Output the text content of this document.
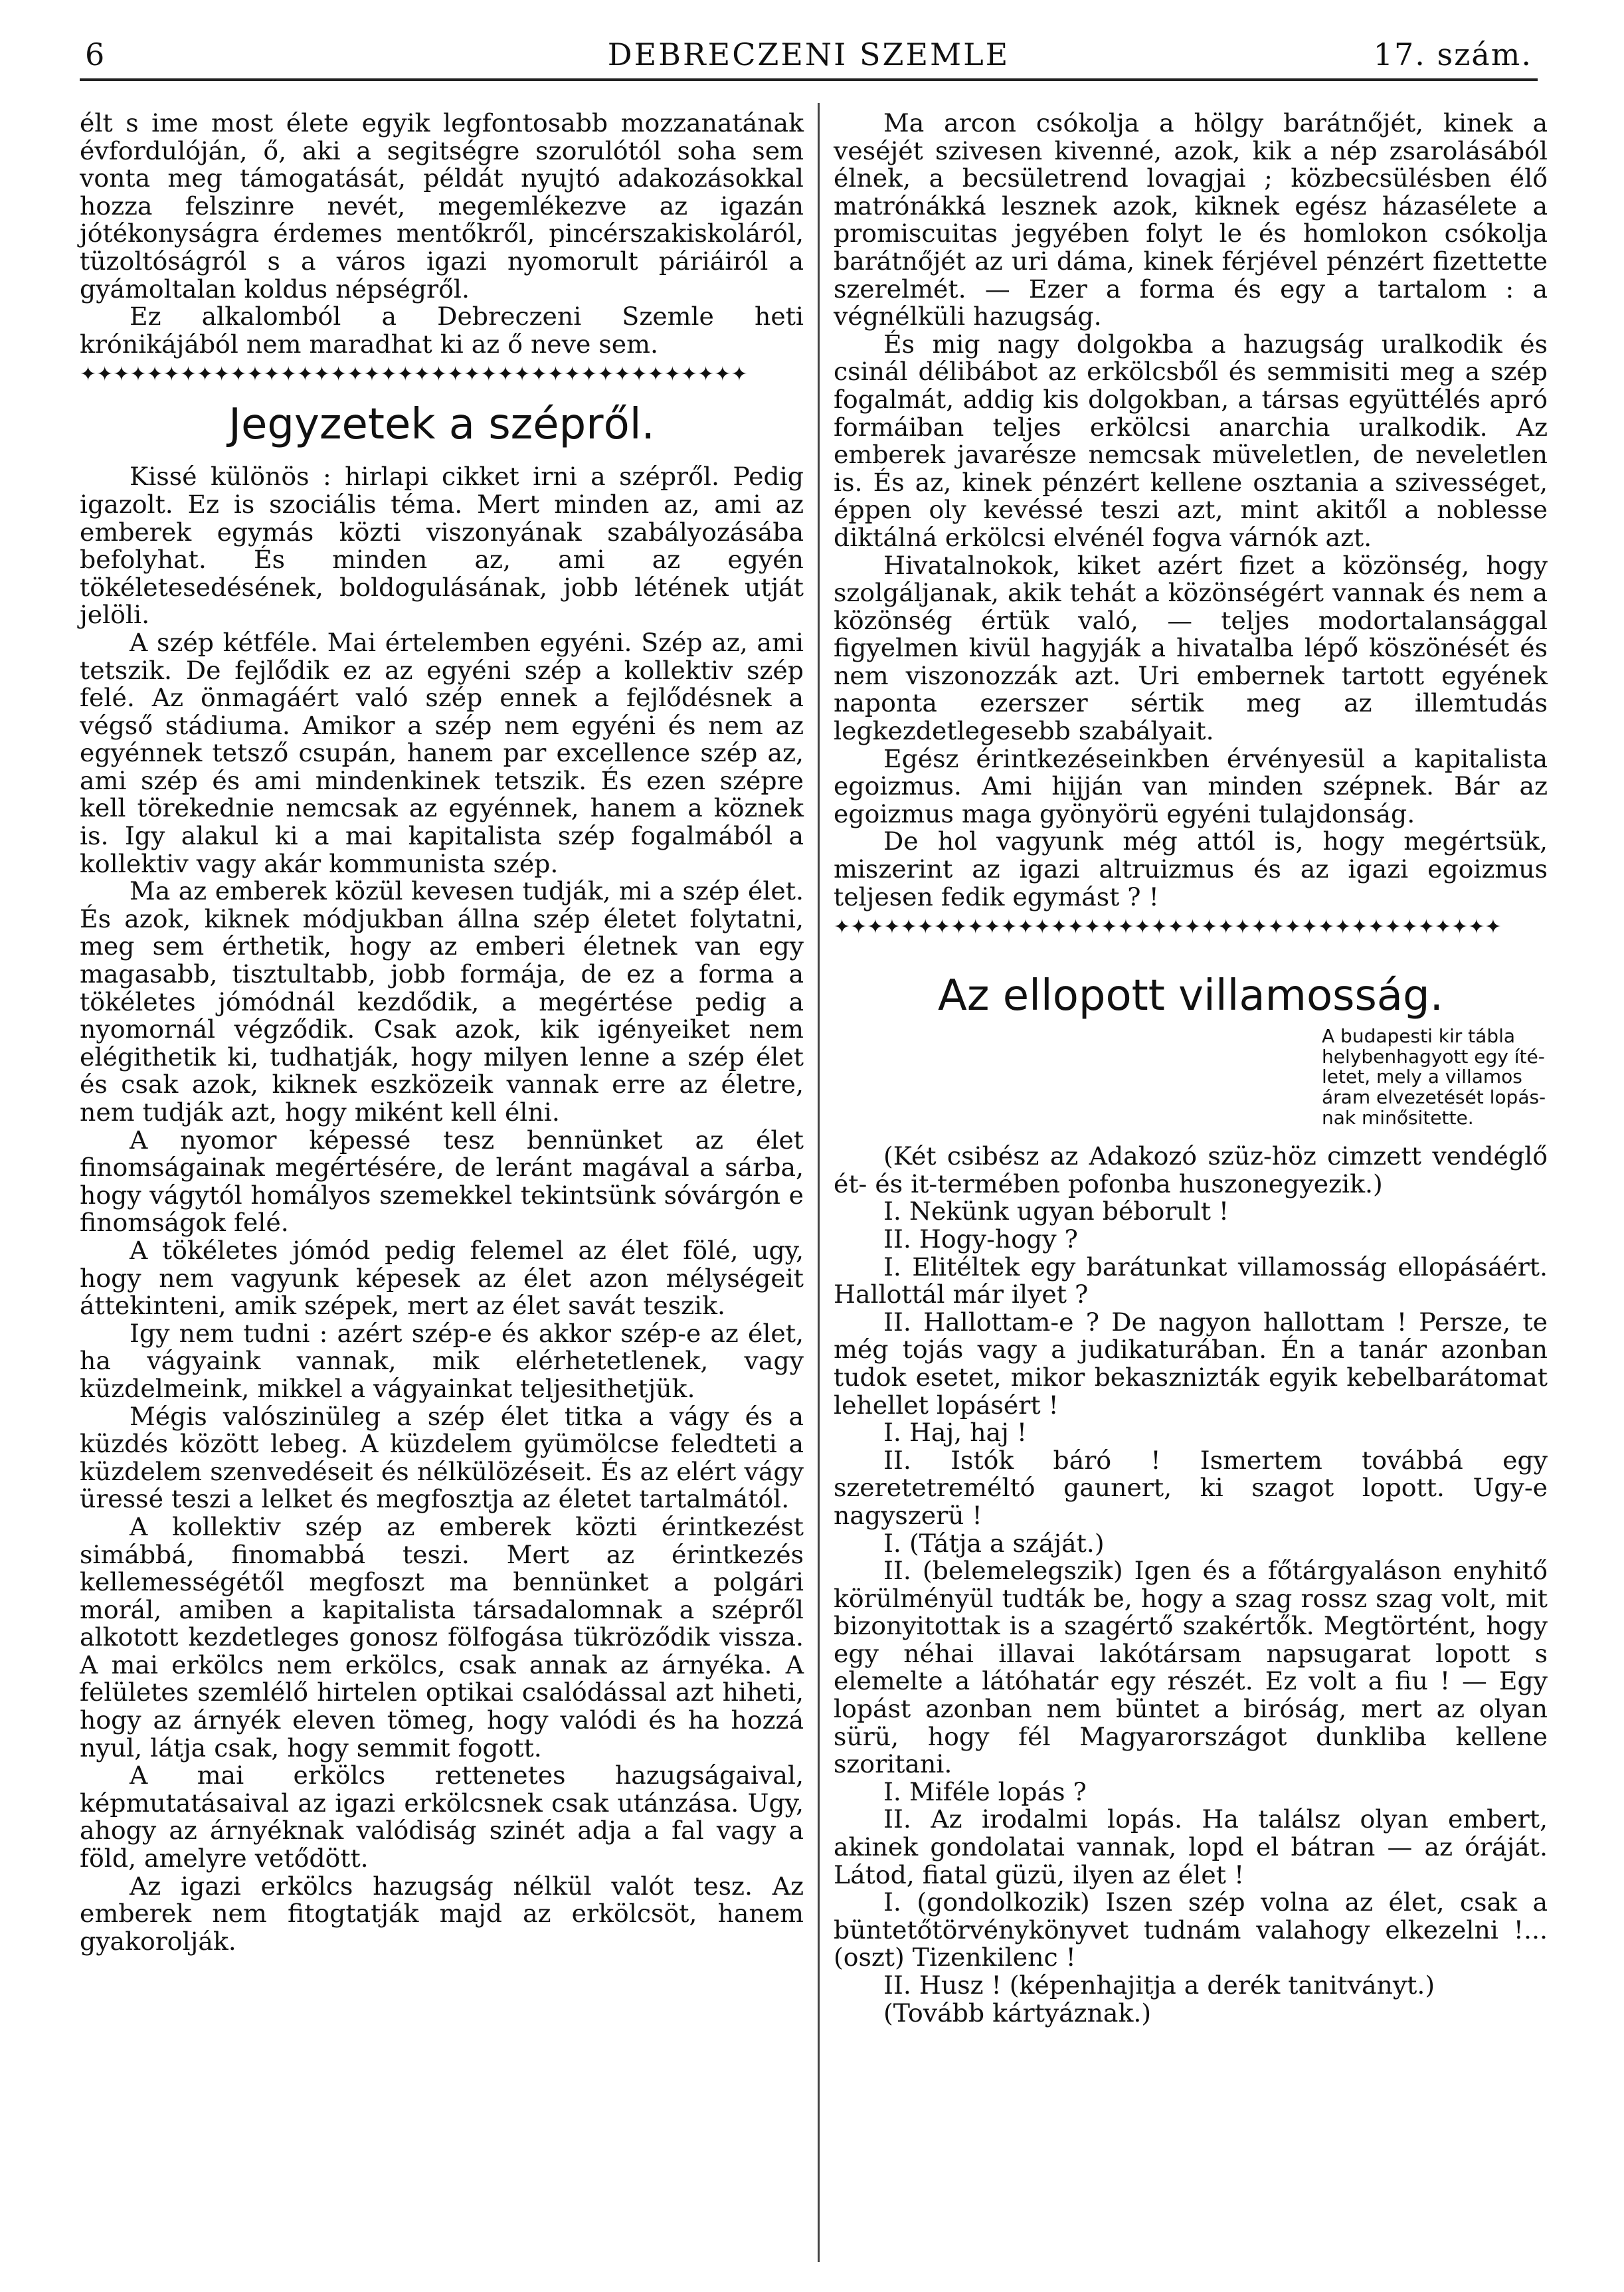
DEBRECZENI SZEMLE
6	17. szám.

élt s ime most élete egyik legfontosabb mozzanatának évfordulóján, ő, aki a segitségre szorulótól soha sem vonta meg támogatását, példát nyujtó adakozásokkal hozza felszinre nevét, megemlékezve az igazán jótékonyságra érdemes mentőkről, pincérszakiskoláról, tüzoltóságról s a város igazi nyomorult páriáiról a gyámoltalan koldus népségről.

Ez alkalomból a Debreczeni Szemle heti krónikájából nem maradhat ki az ő neve sem.

✦✦✦✦✦✦✦✦✦✦✦✦✦✦✦✦✦✦✦✦✦✦✦✦✦✦✦✦✦✦✦✦✦✦✦✦✦✦✦✦
Jegyzetek a szépről.

Kissé különös : hirlapi cikket irni a szépről. Pedig igazolt. Ez is szociális téma. Mert minden az, ami az emberek egymás közti viszonyának szabályozásába befolyhat. És minden az, ami az egyén tökéletesedésének, boldogulásának, jobb létének utját jelöli.

A szép kétféle. Mai értelemben egyéni. Szép az, ami tetszik. De fejlődik ez az egyéni szép a kollektiv szép felé. Az önmagáért való szép ennek a fejlődésnek a végső stádiuma. Amikor a szép nem egyéni és nem az egyénnek tetsző csupán, hanem par excellence szép az, ami szép és ami mindenkinek tetszik. És ezen szépre kell törekednie nemcsak az egyénnek, hanem a köznek is. Igy alakul ki a mai kapitalista szép fogalmából a kollektiv vagy akár kommunista szép.

Ma az emberek közül kevesen tudják, mi a szép élet. És azok, kiknek módjukban állna szép életet folytatni, meg sem érthetik, hogy az emberi életnek van egy magasabb, tisztultabb, jobb formája, de ez a forma a tökéletes jómódnál kezdődik, a megértése pedig a nyomornál végződik. Csak azok, kik igényeiket nem elégithetik ki, tudhatják, hogy milyen lenne a szép élet és csak azok, kiknek eszközeik vannak erre az életre, nem tudják azt, hogy miként kell élni.

A nyomor képessé tesz bennünket az élet finomságainak megértésére, de leránt magával a sárba, hogy vágytól homályos szemekkel tekintsünk sóvárgón e finomságok felé.

A tökéletes jómód pedig felemel az élet fölé, ugy, hogy nem vagyunk képesek az élet azon mélységeit áttekinteni, amik szépek, mert az élet savát teszik.

Igy nem tudni : azért szép-e és akkor szép-e az élet, ha vágyaink vannak, mik elérhetetlenek, vagy küzdelmeink, mikkel a vágyainkat teljesithetjük.

Mégis valószinüleg a szép élet titka a vágy és a küzdés között lebeg. A küzdelem gyümölcse feledteti a küzdelem szenvedéseit és nélkülözéseit. És az elért vágy üressé teszi a lelket és megfosztja az életet tartalmától.

A kollektiv szép az emberek közti érintkezést simábbá, finomabbá teszi. Mert az érintkezés kellemességétől megfoszt ma bennünket a polgári morál, amiben a kapitalista társadalomnak a szépről alkotott kezdetleges gonosz fölfogása tükröződik vissza. A mai erkölcs nem erkölcs, csak annak az árnyéka. A felületes szemlélő hirtelen optikai csalódással azt hiheti, hogy az árnyék eleven tömeg, hogy valódi és ha hozzá nyul, látja csak, hogy semmit fogott.

A mai erkölcs rettenetes hazugságaival, képmutatásaival az igazi erkölcsnek csak utánzása. Ugy, ahogy az árnyéknak valódiság szinét adja a fal vagy a föld, amelyre vetődött.

Az igazi erkölcs hazugság nélkül valót tesz. Az emberek nem fitogtatják majd az erkölcsöt, hanem gyakorolják.

Ma arcon csókolja a hölgy barátnőjét, kinek a veséjét szivesen kivenné, azok, kik a nép zsarolásából élnek, a becsületrend lovagjai ; közbecsülésben élő matrónákká lesznek azok, kiknek egész házasélete a promiscuitas jegyében folyt le és homlokon csókolja barátnőjét az uri dáma, kinek férjével pénzért fizettette szerelmét. — Ezer a forma és egy a tartalom : a végnélküli hazugság.

És mig nagy dolgokba a hazugság uralkodik és csinál délibábot az erkölcsből és semmisiti meg a szép fogalmát, addig kis dolgokban, a társas együttélés apró formáiban teljes erkölcsi anarchia uralkodik. Az emberek javarésze nemcsak müveletlen, de neveletlen is. És az, kinek pénzért kellene osztania a szivességet, éppen oly kevéssé teszi azt, mint akitől a noblesse diktálná erkölcsi elvénél fogva várnók azt.

Hivatalnokok, kiket azért fizet a közönség, hogy szolgáljanak, akik tehát a közönségért vannak és nem a közönség értük való, — teljes modortalansággal figyelmen kivül hagyják a hivatalba lépő köszönését és nem viszonozzák azt. Uri embernek tartott egyének naponta ezerszer sértik meg az illemtudás legkezdetlegesebb szabályait.

Egész érintkezéseinkben érvényesül a kapitalista egoizmus. Ami hijján van minden szépnek. Bár az egoizmus maga gyönyörü egyéni tulajdonság.

De hol vagyunk még attól is, hogy megértsük, miszerint az igazi altruizmus és az igazi egoizmus teljesen fedik egymást ? !

✦✦✦✦✦✦✦✦✦✦✦✦✦✦✦✦✦✦✦✦✦✦✦✦✦✦✦✦✦✦✦✦✦✦✦✦✦✦✦✦
Az ellopott villamosság.
A budapesti kir tábla
helybenhagyott egy íté-
letet, mely a villamos
áram elvezetését lopás-
nak minősitette.

(Két csibész az Adakozó szüz-höz cimzett vendéglő ét- és it-termében pofonba huszonegyezik.)

I. Nekünk ugyan béborult !

II. Hogy-hogy ?

I. Elitéltek egy barátunkat villamosság ellopásáért. Hallottál már ilyet ?

II. Hallottam-e ? De nagyon hallottam ! Persze, te még tojás vagy a judikaturában. Én a tanár azonban tudok esetet, mikor bekasznizták egyik kebelbarátomat lehellet lopásért !

I. Haj, haj !

II. Istók báró ! Ismertem továbbá egy szeretetreméltó gaunert, ki szagot lopott. Ugy-e nagyszerü !

I. (Tátja a száját.)

II. (belemelegszik) Igen és a főtárgyaláson enyhitő körülményül tudták be, hogy a szag rossz szag volt, mit bizonyitottak is a szagértő szakértők. Megtörtént, hogy egy néhai illavai lakótársam napsugarat lopott s elemelte a látóhatár egy részét. Ez volt a fiu ! — Egy lopást azonban nem büntet a biróság, mert az olyan sürü, hogy fél Magyarországot dunkliba kellene szoritani.

I. Miféle lopás ?

II. Az irodalmi lopás. Ha találsz olyan embert, akinek gondolatai vannak, lopd el bátran — az óráját. Látod, fiatal güzü, ilyen az élet !

I. (gondolkozik) Iszen szép volna az élet, csak a büntetőtörvénykönyvet tudnám valahogy elkezelni !... (oszt) Tizenkilenc !

II. Husz ! (képenhajitja a derék tanitványt.)

(Tovább kártyáznak.)
